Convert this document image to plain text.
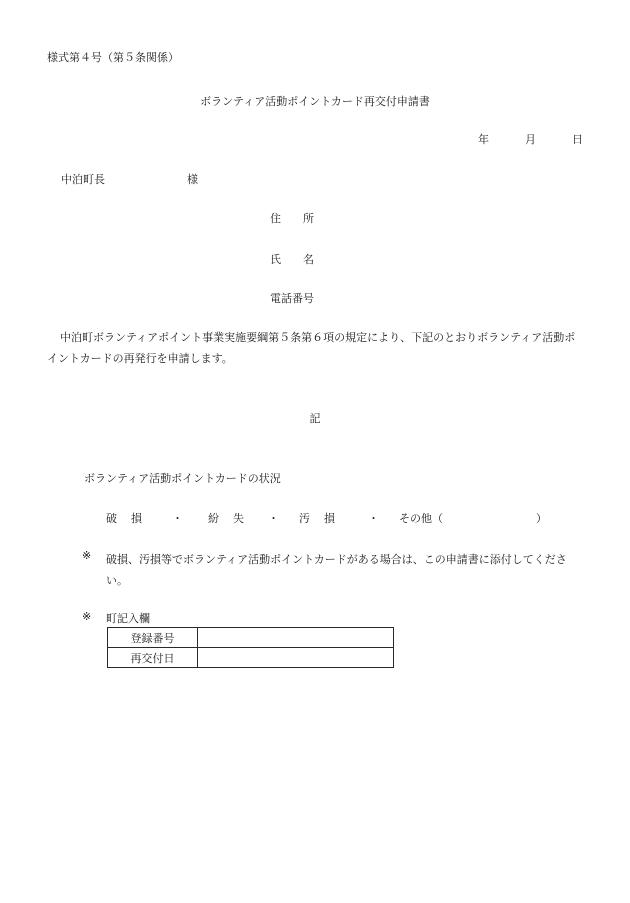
様式第４号（第５条関係）
ボランティア活動ポイントカード再交付申請書
年	月	日
中泊町長	様
住 所
氏 名
電話番号
中泊町ボランティアポイント事業実施要綱第５条第６項の規定により、下記のとおりボランティア活動ポイントカードの再発行を申請します。
記
ボランティア活動ポイントカードの状況
破 損	・ 紛 失 ・ 汚 損	・ その他（	）
※ 破損、汚損等でボランティア活動ポイントカードがある場合は、この申請書に添付してください。
※ 町記入欄
登録番号	
再交付日	
